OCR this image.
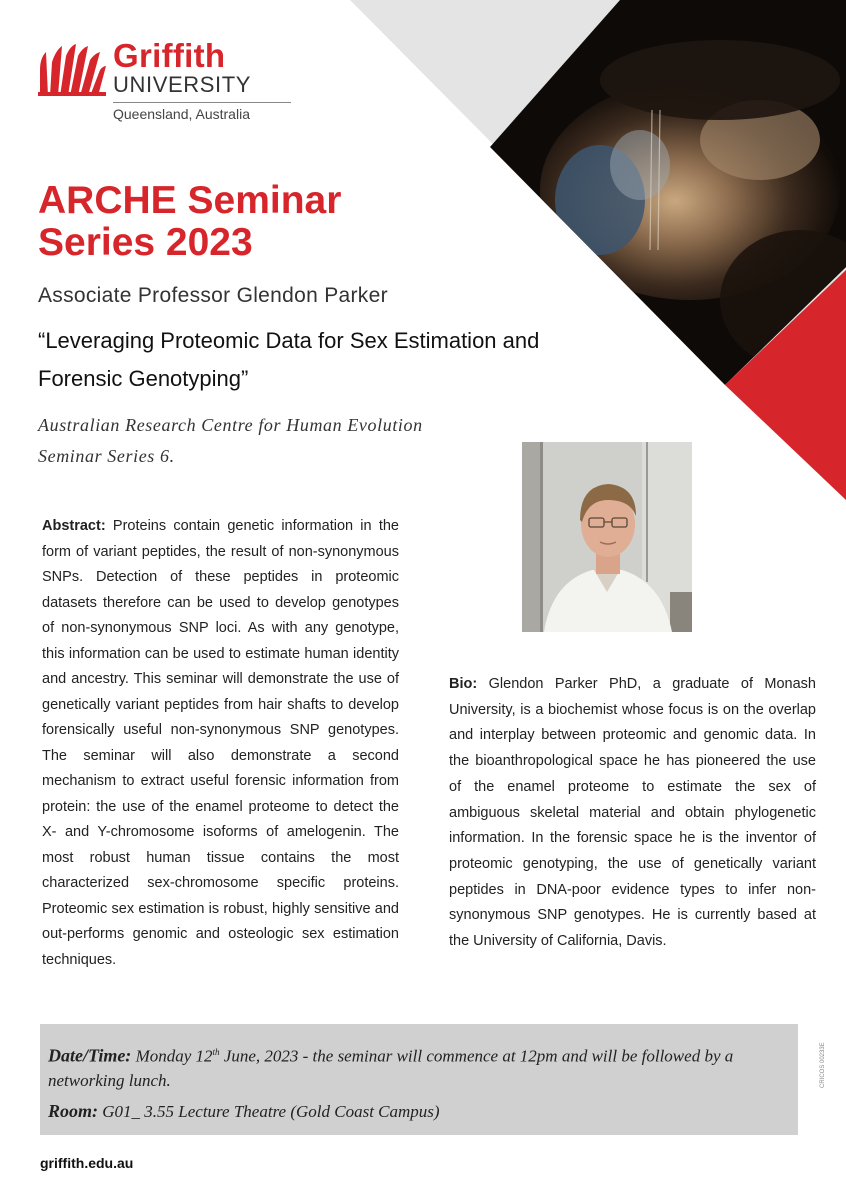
Griffith
UNIVERSITY
Queensland, Australia
ARCHE Seminar
Series 2023
Associate Professor Glendon Parker
“Leveraging Proteomic Data for Sex Estimation and
Forensic Genotyping”
Australian Research Centre for Human Evolution
Seminar Series 6.

Abstract: Proteins contain genetic information in the form of variant peptides, the result of non-synonymous SNPs. Detection of these peptides in proteomic datasets therefore can be used to develop genotypes of non-synonymous SNP loci. As with any genotype, this information can be used to estimate human identity and ancestry. This seminar will demonstrate the use of genetically variant peptides from hair shafts to develop forensically useful non-synonymous SNP genotypes. The seminar will also demonstrate a second mechanism to extract useful forensic information from protein: the use of the enamel proteome to detect the X- and Y-chromosome isoforms of amelogenin. The most robust human tissue contains the most characterized sex-chromosome specific proteins. Proteomic sex estimation is robust, highly sensitive and out-performs genomic and osteologic sex estimation techniques.

Bio: Glendon Parker PhD, a graduate of Monash University, is a biochemist whose focus is on the overlap and interplay between proteomic and genomic data. In the bioanthropological space he has pioneered the use of the enamel proteome to estimate the sex of ambiguous skeletal material and obtain phylogenetic information. In the forensic space he is the inventor of proteomic genotyping, the use of genetically variant peptides in DNA-poor evidence types to infer non-synonymous SNP genotypes. He is currently based at the University of California, Davis.

Date/Time: Monday 12th June, 2023 - the seminar will commence at 12pm and will be followed by a networking lunch.
Room: G01_ 3.55 Lecture Theatre (Gold Coast Campus)
CRICOS 00233E
griffith.edu.au
